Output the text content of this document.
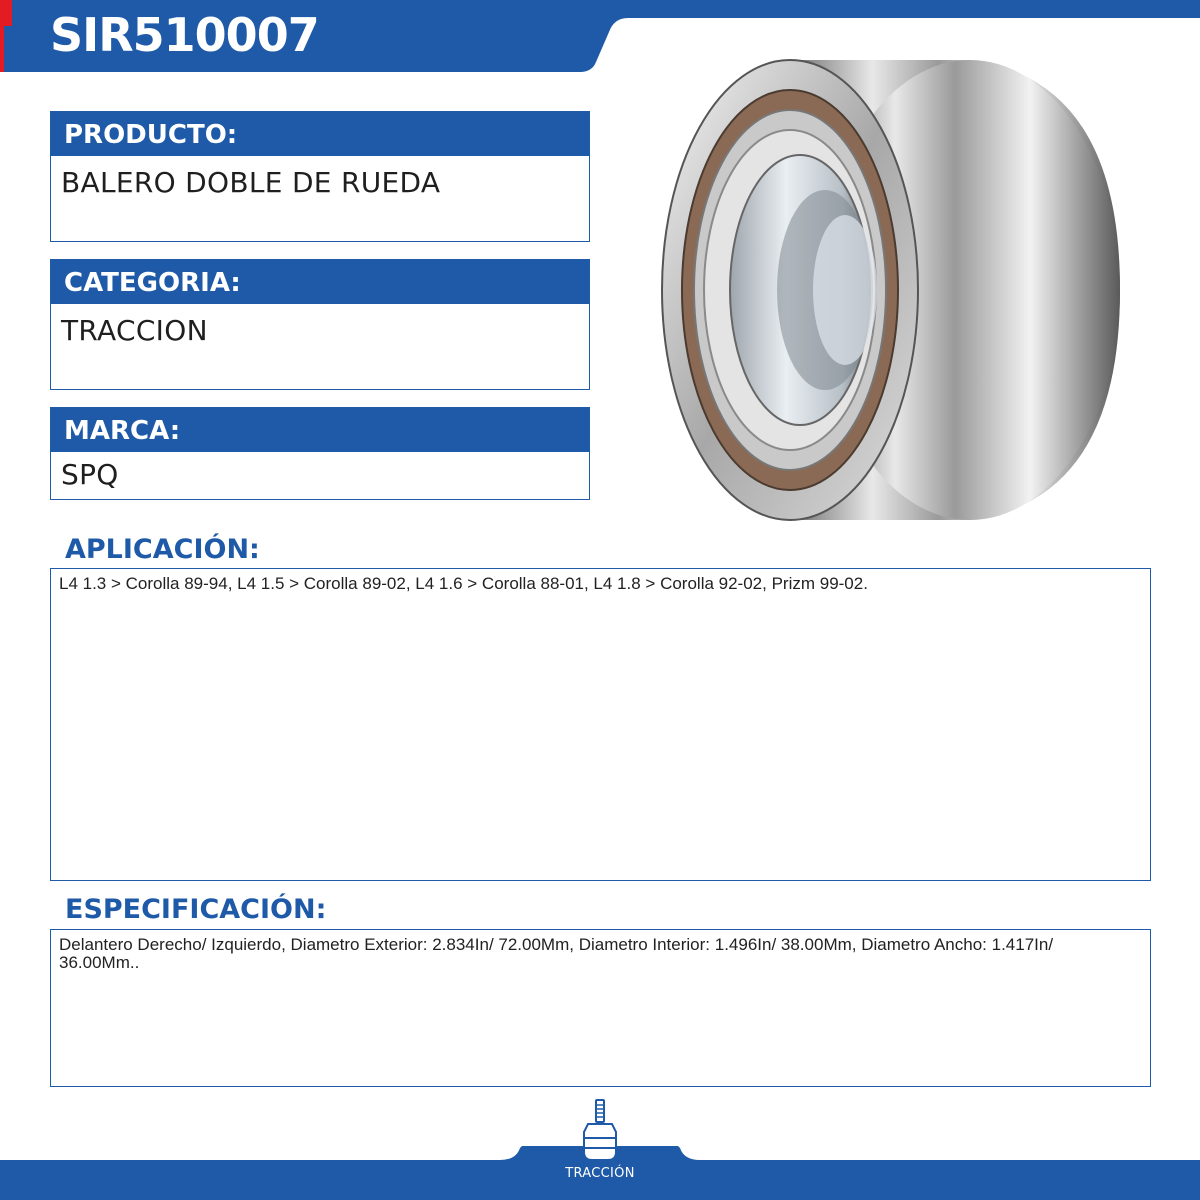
SIR510007
PRODUCTO:
BALERO DOBLE DE RUEDA
CATEGORIA:
TRACCION
MARCA:
SPQ
APLICACIÓN:
L4 1.3 > Corolla 89-94, L4 1.5 > Corolla 89-02, L4 1.6 > Corolla 88-01, L4 1.8 > Corolla 92-02, Prizm 99-02.
ESPECIFICACIÓN:
Delantero Derecho/ Izquierdo, Diametro Exterior: 2.834In/ 72.00Mm, Diametro Interior: 1.496In/ 38.00Mm, Diametro Ancho: 1.417In/ 36.00Mm..
TRACCIÓN
